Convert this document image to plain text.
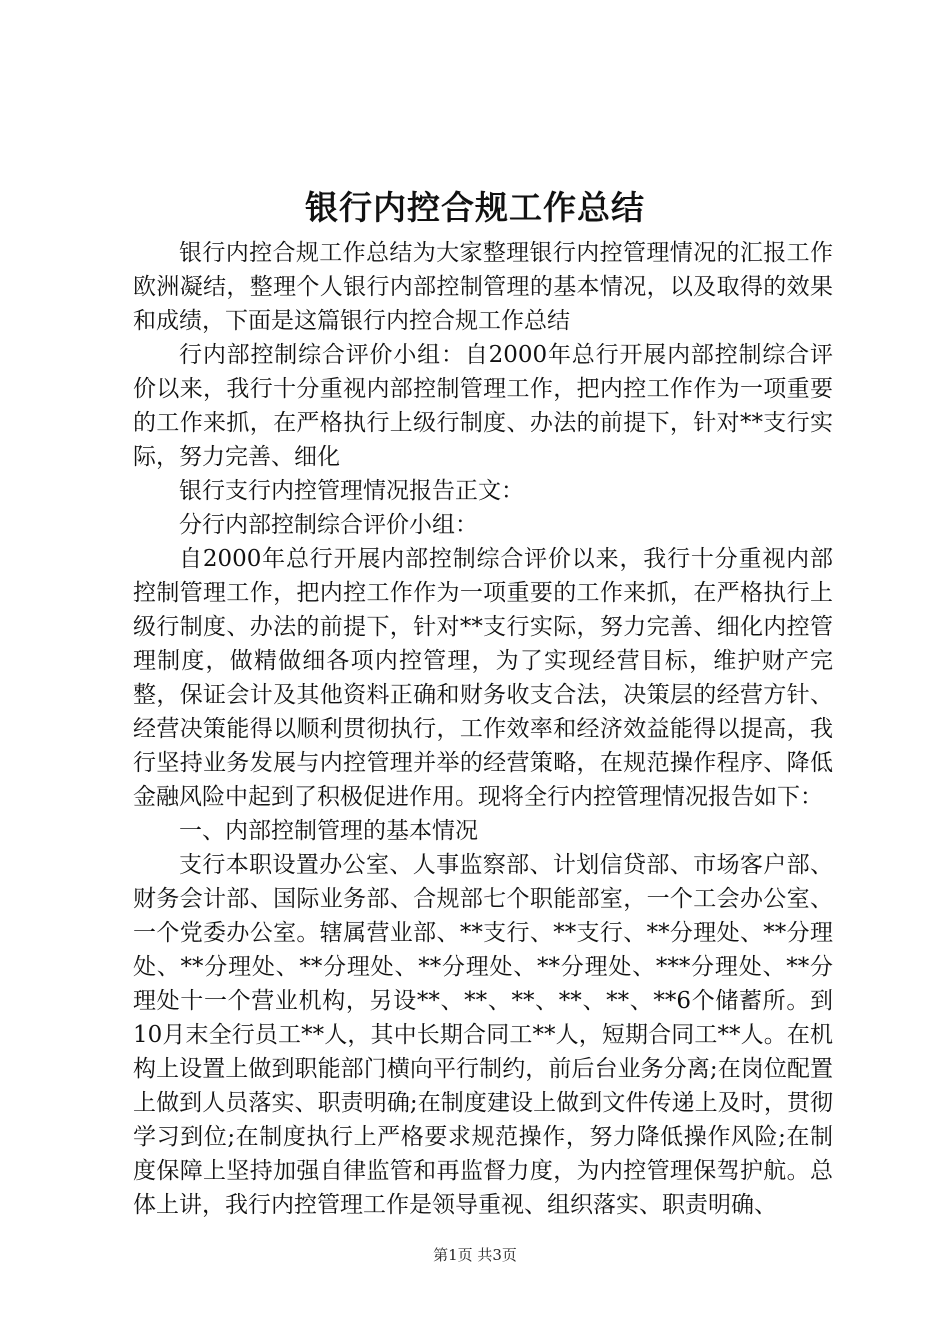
银行内控合规工作总结

银行内控合规工作总结为大家整理银行内控管理情况的汇报工作欧洲凝结，整理个人银行内部控制管理的基本情况，以及取得的效果和成绩，下面是这篇银行内控合规工作总结

行内部控制综合评价小组：自2000年总行开展内部控制综合评价以来，我行十分重视内部控制管理工作，把内控工作作为一项重要的工作来抓，在严格执行上级行制度、办法的前提下，针对**支行实际，努力完善、细化

银行支行内控管理情况报告正文：

分行内部控制综合评价小组：

自2000年总行开展内部控制综合评价以来，我行十分重视内部控制管理工作，把内控工作作为一项重要的工作来抓，在严格执行上级行制度、办法的前提下，针对**支行实际，努力完善、细化内控管理制度，做精做细各项内控管理，为了实现经营目标，维护财产完整，保证会计及其他资料正确和财务收支合法，决策层的经营方针、经营决策能得以顺利贯彻执行，工作效率和经济效益能得以提高，我行坚持业务发展与内控管理并举的经营策略，在规范操作程序、降低金融风险中起到了积极促进作用。现将全行内控管理情况报告如下：

一、内部控制管理的基本情况

支行本职设置办公室、人事监察部、计划信贷部、市场客户部、财务会计部、国际业务部、合规部七个职能部室，一个工会办公室、一个党委办公室。辖属营业部、**支行、**支行、**分理处、**分理处、**分理处、**分理处、**分理处、**分理处、***分理处、**分理处十一个营业机构，另设**、**、**、**、**、**6个储蓄所。到10月末全行员工**人，其中长期合同工**人，短期合同工**人。在机构上设置上做到职能部门横向平行制约，前后台业务分离;在岗位配置上做到人员落实、职责明确;在制度建设上做到文件传递上及时，贯彻学习到位;在制度执行上严格要求规范操作，努力降低操作风险;在制度保障上坚持加强自律监管和再监督力度，为内控管理保驾护航。总体上讲，我行内控管理工作是领导重视、组织落实、职责明确、

第1页 共3页
